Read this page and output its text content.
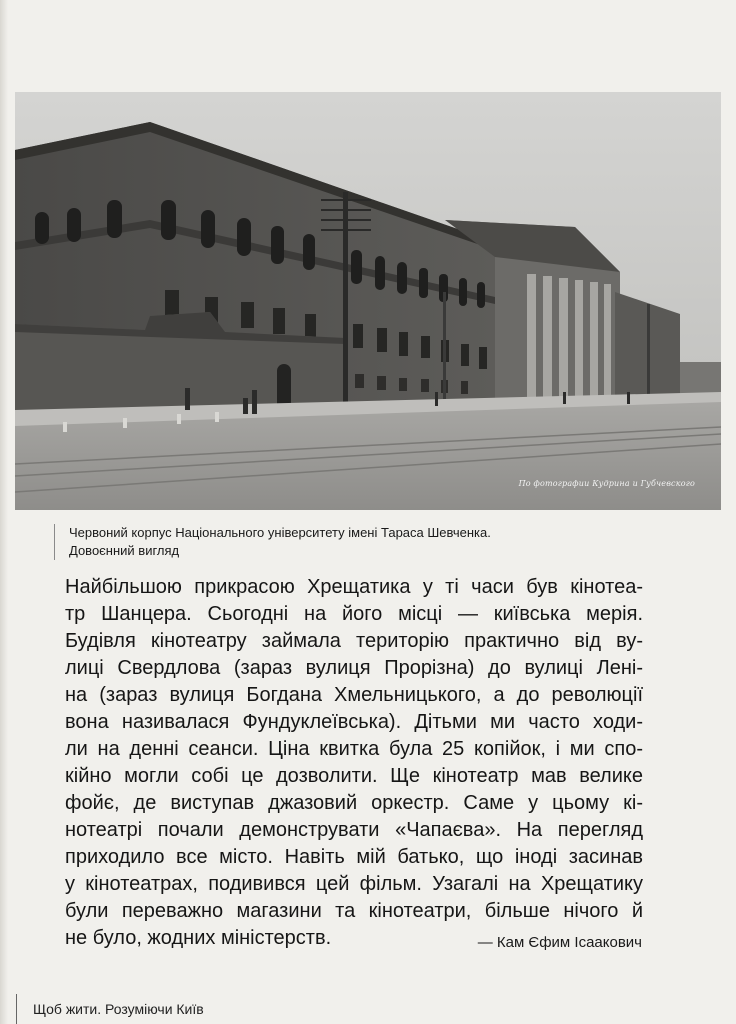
По фотографии Кудрина и Губчевского
Червоний корпус Національного університету імені Тараса Шевченка.
Довоєнний вигляд
Найбільшою прикрасою Хрещатика у ті часи був кінотеа-
тр Шанцера. Сьогодні на його місці — київська мерія.
Будівля кінотеатру займала територію практично від ву-
лиці Свердлова (зараз вулиця Прорізна) до вулиці Лені-
на (зараз вулиця Богдана Хмельницького, а до революції
вона називалася Фундуклеївська). Дітьми ми часто ходи-
ли на денні сеанси. Ціна квитка була 25 копійок, і ми спо-
кійно могли собі це дозволити. Ще кінотеатр мав велике
фойє, де виступав джазовий оркестр. Саме у цьому кі-
нотеатрі почали демонструвати «Чапаєва». На перегляд
приходило все місто. Навіть мій батько, що іноді засинав
у кінотеатрах, подивився цей фільм. Узагалі на Хрещатику
були переважно магазини та кінотеатри, більше нічого й
не було, жодних міністерств.	— Кам Єфим Ісаакович
Щоб жити. Розуміючи Київ
